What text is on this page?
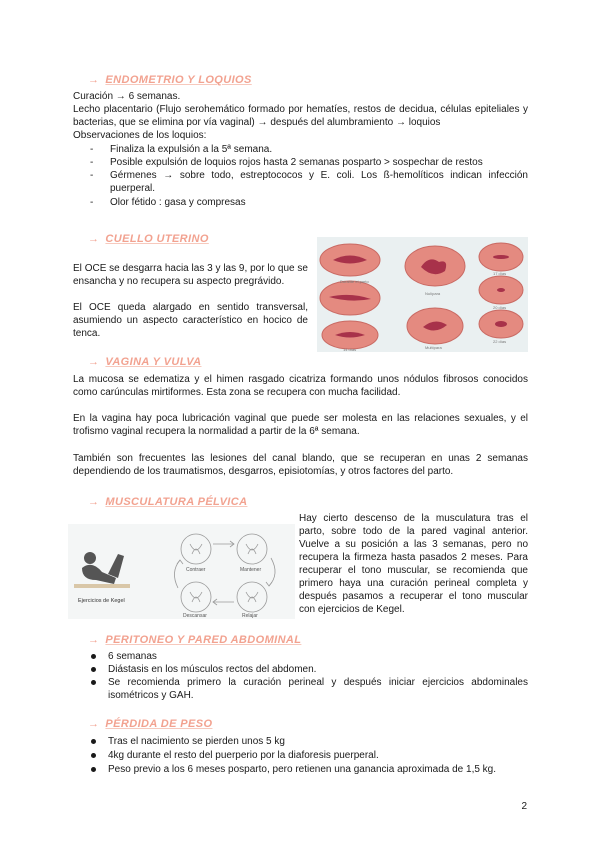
→ ENDOMETRIO Y LOQUIOS
Curación → 6 semanas.
Lecho placentario (Flujo serohemático formado por hematíes, restos de decidua, células epiteliales y bacterias, que se elimina por vía vaginal) → después del alumbramiento → loquios
Observaciones de los loquios:
- Finaliza la expulsión a la 5ª semana.
- Posible expulsión de loquios rojos hasta 2 semanas posparto > sospechar de restos
- Gérmenes → sobre todo, estreptococos y E. coli. Los ß-hemolíticos indican infección puerperal.
- Olor fétido : gasa y compresas
→ CUELLO UTERINO
El OCE se desgarra hacia las 3 y las 9, por lo que se ensancha y no recupera su aspecto pregrávido.
El OCE queda alargado en sentido transversal, asumiendo un aspecto característico en hocico de tenca.
Durante el parto
Nulípara
Multípara
17 días
20 días
22 días
14 días
→ VAGINA Y VULVA
La mucosa se edematiza y el himen rasgado cicatriza formando unos nódulos fibrosos conocidos como carúnculas mirtiformes. Esta zona se recupera con mucha facilidad.
En la vagina hay poca lubricación vaginal que puede ser molesta en las relaciones sexuales, y el trofismo vaginal recupera la normalidad a partir de la 6ª semana.
También son frecuentes las lesiones del canal blando, que se recuperan en unas 2 semanas dependiendo de los traumatismos, desgarros, episiotomías, y otros factores del parto.
→ MUSCULATURA PÉLVICA
Hay cierto descenso de la musculatura tras el parto, sobre todo de la pared vaginal anterior. Vuelve a su posición a las 3 semanas, pero no recupera la firmeza hasta pasados 2 meses. Para recuperar el tono muscular, se recomienda que primero haya una curación perineal completa y después pasamos a recuperar el tono muscular con ejercicios de Kegel.
Ejercicios de Kegel
Contraer	Mantener
Descansar	Relajar
→ PERITONEO Y PARED ABDOMINAL
6 semanas
Diástasis en los músculos rectos del abdomen.
Se recomienda primero la curación perineal y después iniciar ejercicios abdominales isométricos y GAH.
→ PÉRDIDA DE PESO
Tras el nacimiento se pierden unos 5 kg
4kg durante el resto del puerperio por la diaforesis puerperal.
Peso previo a los 6 meses posparto, pero retienen una ganancia aproximada de 1,5 kg.
2
